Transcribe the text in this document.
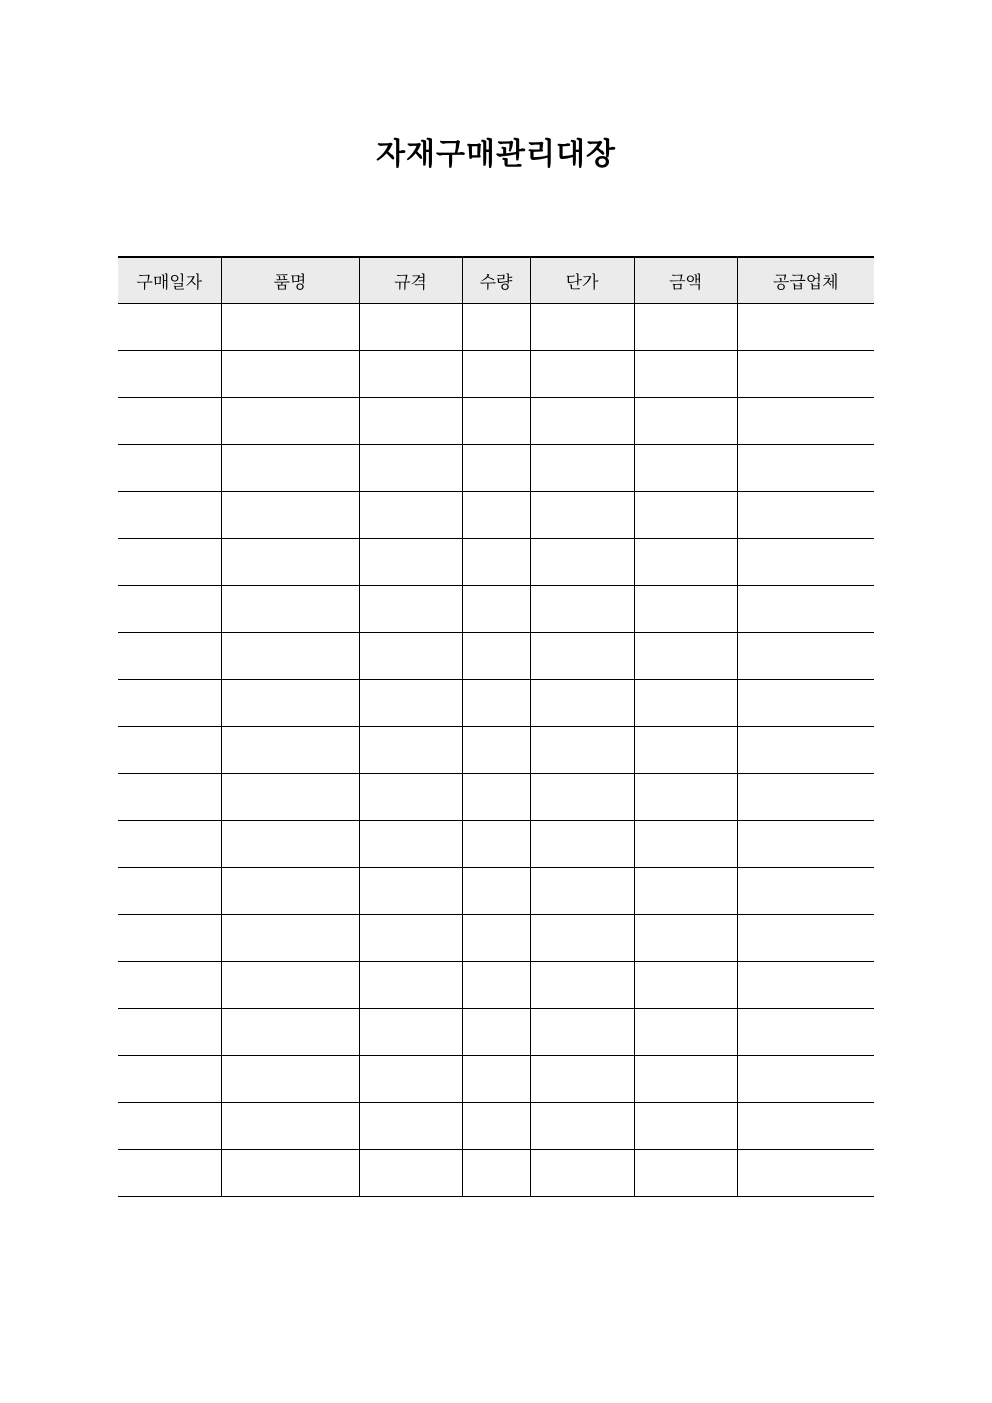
자재구매관리대장
구매일자	품명	규격	수량	단가	금액	공급업체
